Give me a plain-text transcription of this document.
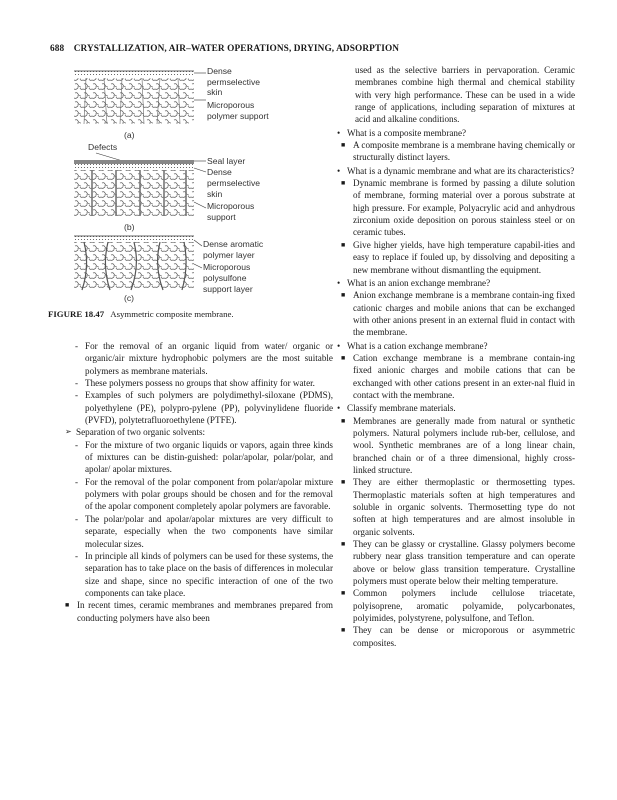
688 CRYSTALLIZATION, AIR–WATER OPERATIONS, DRYING, ADSORPTION
Dense
permselective
skin
Microporous
polymer support
(a)
Defects
Seal layer
Dense
permselective
skin
Microporous
support
(b)
Dense aromatic
polymer layer
Microporous
polysulfone
support layer
(c)
FIGURE 18.47 Asymmetric composite membrane.
- For the removal of an organic liquid from water/ organic or organic/air mixture hydrophobic polymers are the most suitable polymers as membrane materials.
- These polymers possess no groups that show affinity for water.
- Examples of such polymers are polydimethyl-siloxane (PDMS), polyethylene (PE), polypro-pylene (PP), polyvinylidene fluoride (PVFD), polytetrafluoroethylene (PTFE).
➢ Separation of two organic solvents:
- For the mixture of two organic liquids or vapors, again three kinds of mixtures can be distin-guished: polar/apolar, polar/polar, and apolar/ apolar mixtures.
- For the removal of the polar component from polar/apolar mixture polymers with polar groups should be chosen and for the removal of the apolar component completely apolar polymers are favorable.
- The polar/polar and apolar/apolar mixtures are very difficult to separate, especially when the two components have similar molecular sizes.
- In principle all kinds of polymers can be used for these systems, the separation has to take place on the basis of differences in molecular size and shape, since no specific interaction of one of the two components can take place.
■ In recent times, ceramic membranes and membranes prepared from conducting polymers have also been
used as the selective barriers in pervaporation. Ceramic membranes combine high thermal and chemical stability with very high performance. These can be used in a wide range of applications, including separation of mixtures at acid and alkaline conditions.
• What is a composite membrane?
■ A composite membrane is a membrane having chemically or structurally distinct layers.
• What is a dynamic membrane and what are its characteristics?
■ Dynamic membrane is formed by passing a dilute solution of membrane, forming material over a porous substrate at high pressure. For example, Polyacrylic acid and anhydrous zirconium oxide deposition on porous stainless steel or on ceramic tubes.
■ Give higher yields, have high temperature capabil-ities and easy to replace if fouled up, by dissolving and depositing a new membrane without dismantling the equipment.
• What is an anion exchange membrane?
■ Anion exchange membrane is a membrane contain-ing fixed cationic charges and mobile anions that can be exchanged with other anions present in an external fluid in contact with the membrane.
• What is a cation exchange membrane?
■ Cation exchange membrane is a membrane contain-ing fixed anionic charges and mobile cations that can be exchanged with other cations present in an exter-nal fluid in contact with the membrane.
• Classify membrane materials.
■ Membranes are generally made from natural or synthetic polymers. Natural polymers include rub-ber, cellulose, and wool. Synthetic membranes are of a long linear chain, branched chain or of a three dimensional, highly cross-linked structure.
■ They are either thermoplastic or thermosetting types. Thermoplastic materials soften at high temperatures and soluble in organic solvents. Thermosetting type do not soften at high temperatures and are almost insoluble in organic solvents.
■ They can be glassy or crystalline. Glassy polymers become rubbery near glass transition temperature and can operate above or below glass transition temperature. Crystalline polymers must operate below their melting temperature.
■ Common polymers include cellulose triacetate, polyisoprene, aromatic polyamide, polycarbonates, polyimides, polystyrene, polysulfone, and Teflon.
■ They can be dense or microporous or asymmetric composites.
